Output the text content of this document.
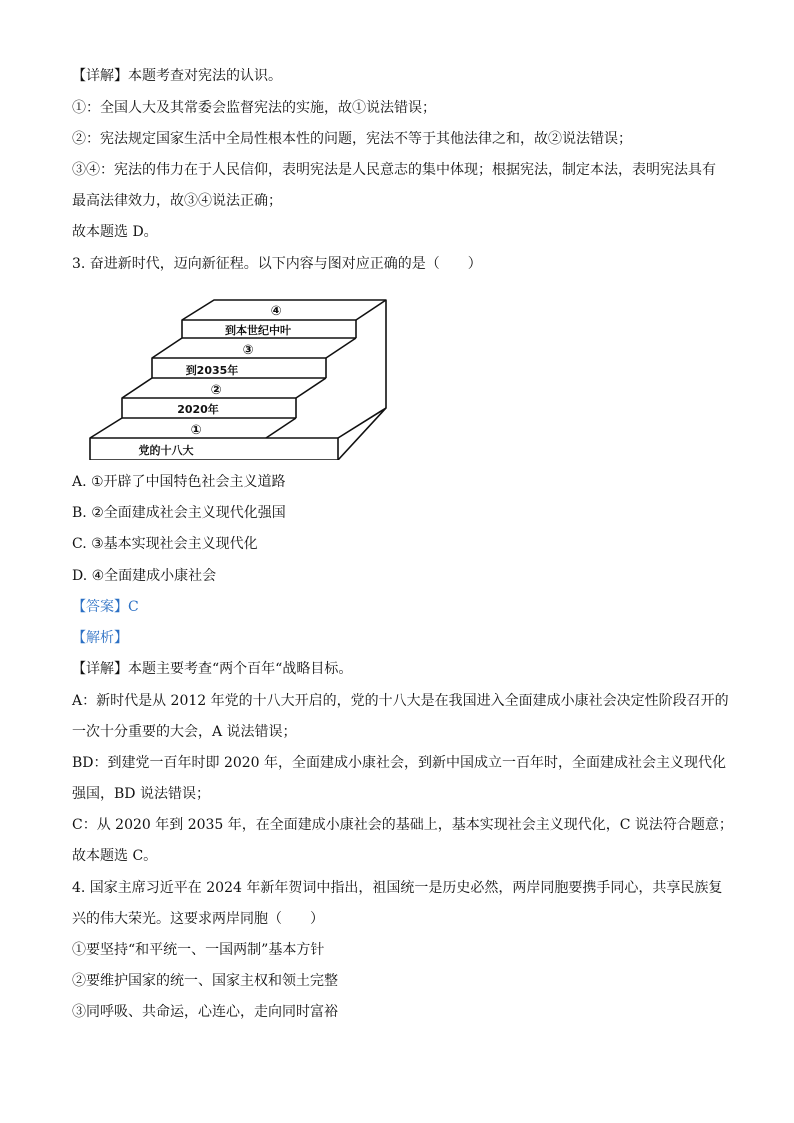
【详解】本题考查对宪法的认识。
①：全国人大及其常委会监督宪法的实施，故①说法错误；
②：宪法规定国家生活中全局性根本性的问题，宪法不等于其他法律之和，故②说法错误；
③④：宪法的伟力在于人民信仰，表明宪法是人民意志的集中体现；根据宪法，制定本法，表明宪法具有
最高法律效力，故③④说法正确；
故本题选 D。
3. 奋进新时代，迈向新征程。以下内容与图对应正确的是（　　）
④
到本世纪中叶
③
到2035年
②
2020年
①
党的十八大
A. ①开辟了中国特色社会主义道路
B. ②全面建成社会主义现代化强国
C. ③基本实现社会主义现代化
D. ④全面建成小康社会
【答案】C
【解析】
【详解】本题主要考查“两个百年“战略目标。
A：新时代是从 2012 年党的十八大开启的，党的十八大是在我国进入全面建成小康社会决定性阶段召开的
一次十分重要的大会，A 说法错误；
BD：到建党一百年时即 2020 年，全面建成小康社会，到新中国成立一百年时，全面建成社会主义现代化
强国，BD 说法错误；
C：从 2020 年到 2035 年，在全面建成小康社会的基础上，基本实现社会主义现代化，C 说法符合题意；
故本题选 C。
4. 国家主席习近平在 2024 年新年贺词中指出，祖国统一是历史必然，两岸同胞要携手同心，共享民族复
兴的伟大荣光。这要求两岸同胞（　　）
①要坚持“和平统一、一国两制”基本方针
②要维护国家的统一、国家主权和领土完整
③同呼吸、共命运，心连心，走向同时富裕
